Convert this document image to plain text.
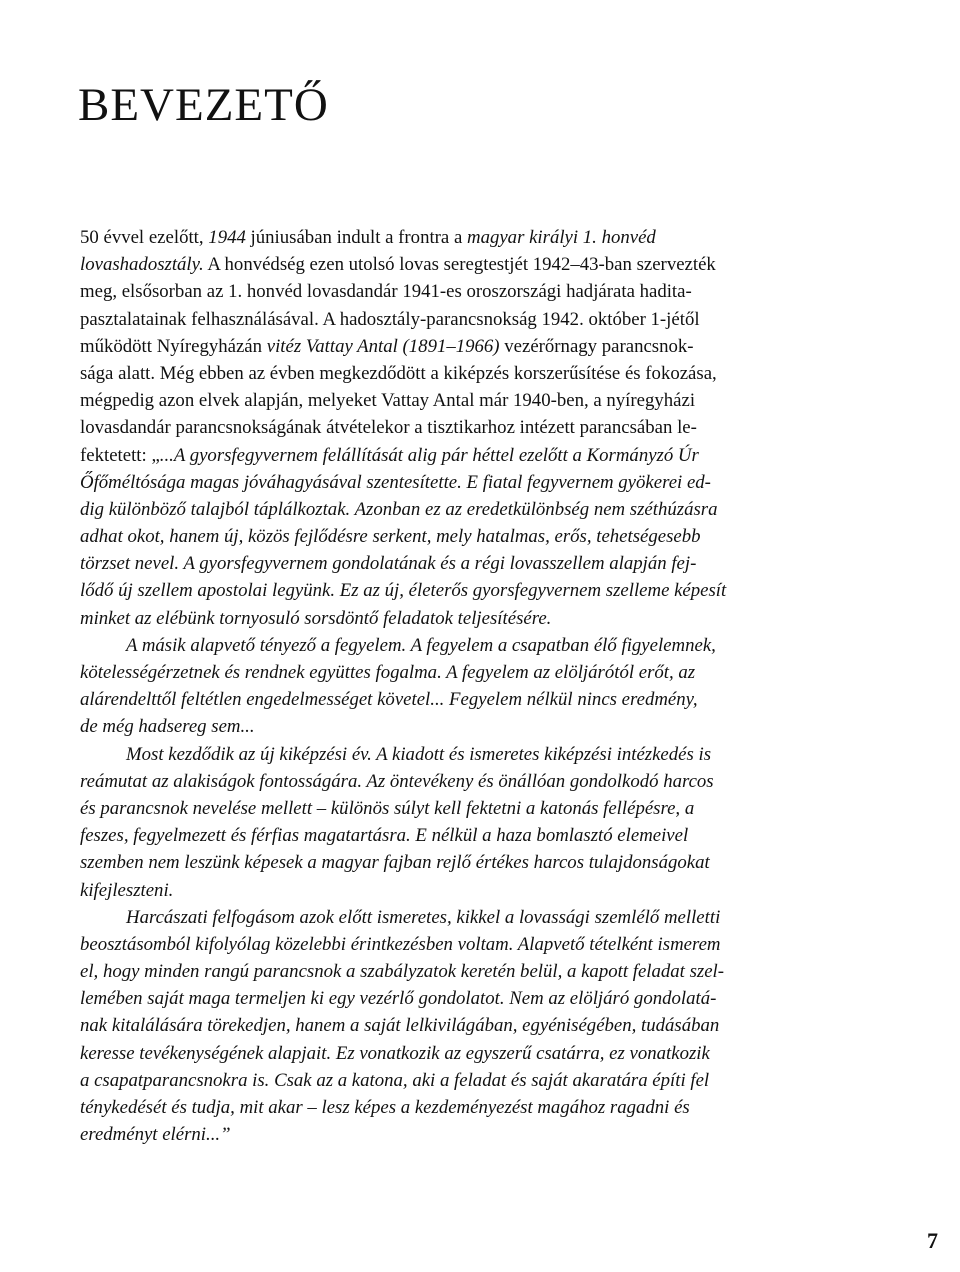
BEVEZETŐ
50 évvel ezelőtt, 1944 júniusában indult a frontra a magyar királyi 1. honvéd
lovashadosztály. A honvédség ezen utolsó lovas seregtestjét 1942–43-ban szervezték
meg, elsősorban az 1. honvéd lovasdandár 1941-es oroszországi hadjárata hadita-
pasztalatainak felhasználásával. A hadosztály-parancsnokság 1942. október 1-jétől
működött Nyíregyházán vitéz Vattay Antal (1891–1966) vezérőrnagy parancsnok-
sága alatt. Még ebben az évben megkezdődött a kiképzés korszerűsítése és fokozása,
mégpedig azon elvek alapján, melyeket Vattay Antal már 1940-ben, a nyíregyházi
lovasdandár parancsnokságának átvételekor a tisztikarhoz intézett parancsában le-
fektetett: „...A gyorsfegyvernem felállítását alig pár héttel ezelőtt a Kormányzó Úr
Őfőméltósága magas jóváhagyásával szentesítette. E fiatal fegyvernem gyökerei ed-
dig különböző talajból táplálkoztak. Azonban ez az eredetkülönbség nem széthúzásra
adhat okot, hanem új, közös fejlődésre serkent, mely hatalmas, erős, tehetségesebb
törzset nevel. A gyorsfegyvernem gondolatának és a régi lovasszellem alapján fej-
lődő új szellem apostolai legyünk. Ez az új, életerős gyorsfegyvernem szelleme képesít
minket az elébünk tornyosuló sorsdöntő feladatok teljesítésére.
A másik alapvető tényező a fegyelem. A fegyelem a csapatban élő figyelemnek,
kötelességérzetnek és rendnek együttes fogalma. A fegyelem az elöljárótól erőt, az
alárendelttől feltétlen engedelmességet követel... Fegyelem nélkül nincs eredmény,
de még hadsereg sem...
Most kezdődik az új kiképzési év. A kiadott és ismeretes kiképzési intézkedés is
reámutat az alakiságok fontosságára. Az öntevékeny és önállóan gondolkodó harcos
és parancsnok nevelése mellett – különös súlyt kell fektetni a katonás fellépésre, a
feszes, fegyelmezett és férfias magatartásra. E nélkül a haza bomlasztó elemeivel
szemben nem leszünk képesek a magyar fajban rejlő értékes harcos tulajdonságokat
kifejleszteni.
Harcászati felfogásom azok előtt ismeretes, kikkel a lovassági szemlélő melletti
beosztásomból kifolyólag közelebbi érintkezésben voltam. Alapvető tételként ismerem
el, hogy minden rangú parancsnok a szabályzatok keretén belül, a kapott feladat szel-
lemében saját maga termeljen ki egy vezérlő gondolatot. Nem az elöljáró gondolatá-
nak kitalálására törekedjen, hanem a saját lelkivilágában, egyéniségében, tudásában
keresse tevékenységének alapjait. Ez vonatkozik az egyszerű csatárra, ez vonatkozik
a csapatparancsnokra is. Csak az a katona, aki a feladat és saját akaratára építi fel
ténykedését és tudja, mit akar – lesz képes a kezdeményezést magához ragadni és
eredményt elérni...”
7
